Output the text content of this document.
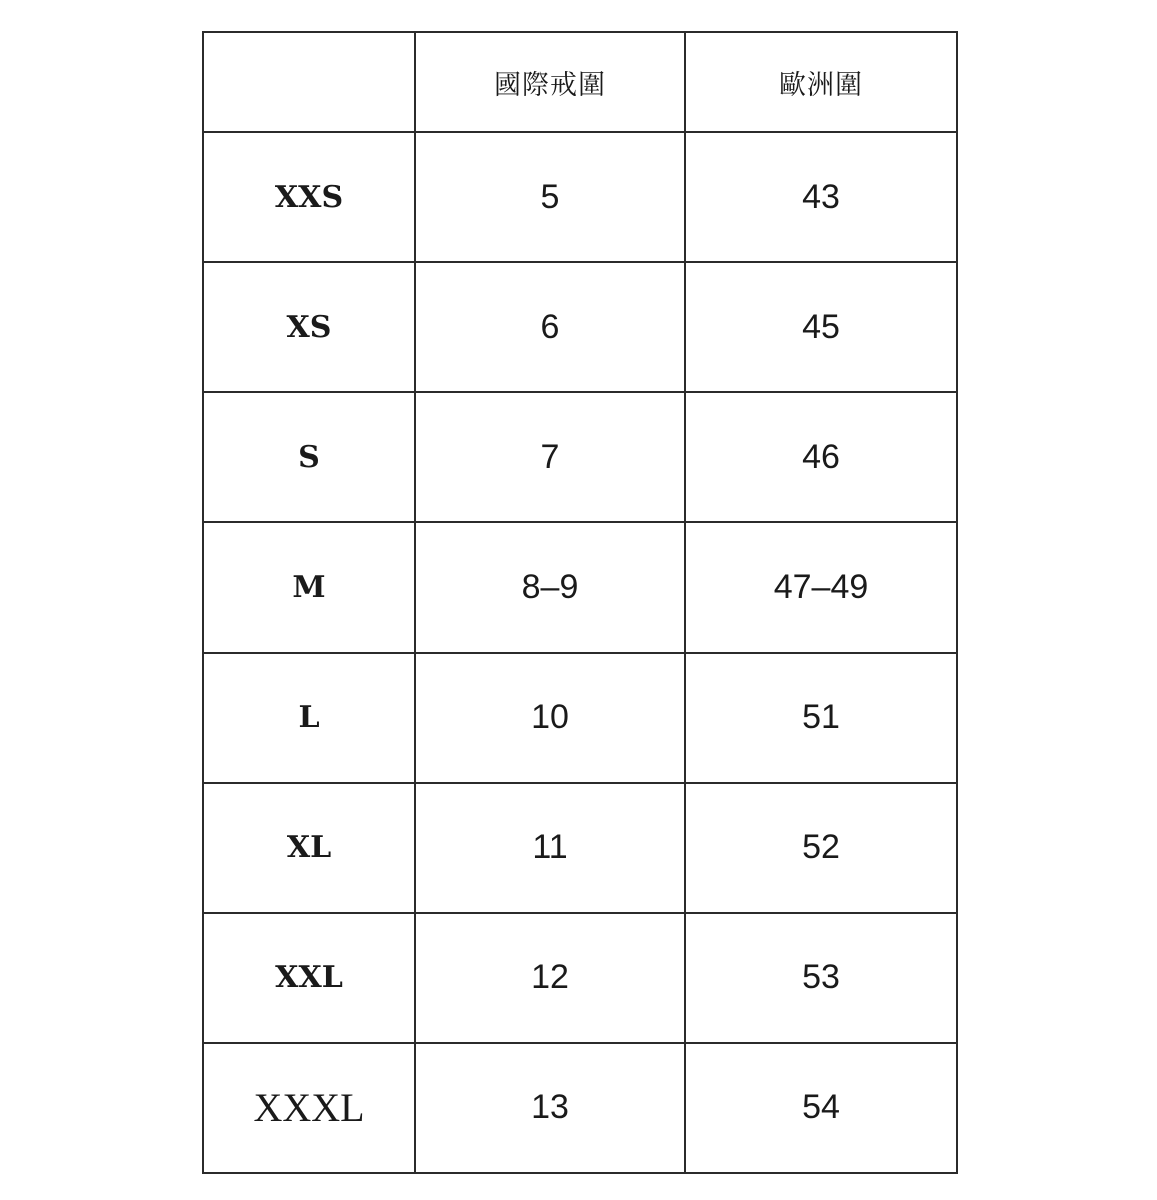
	國際戒圍	歐洲圍
XXS	5	43
XS	6	45
S	7	46
M	8–9	47–49
L	10	51
XL	11	52
XXL	12	53
XXXL	13	54
